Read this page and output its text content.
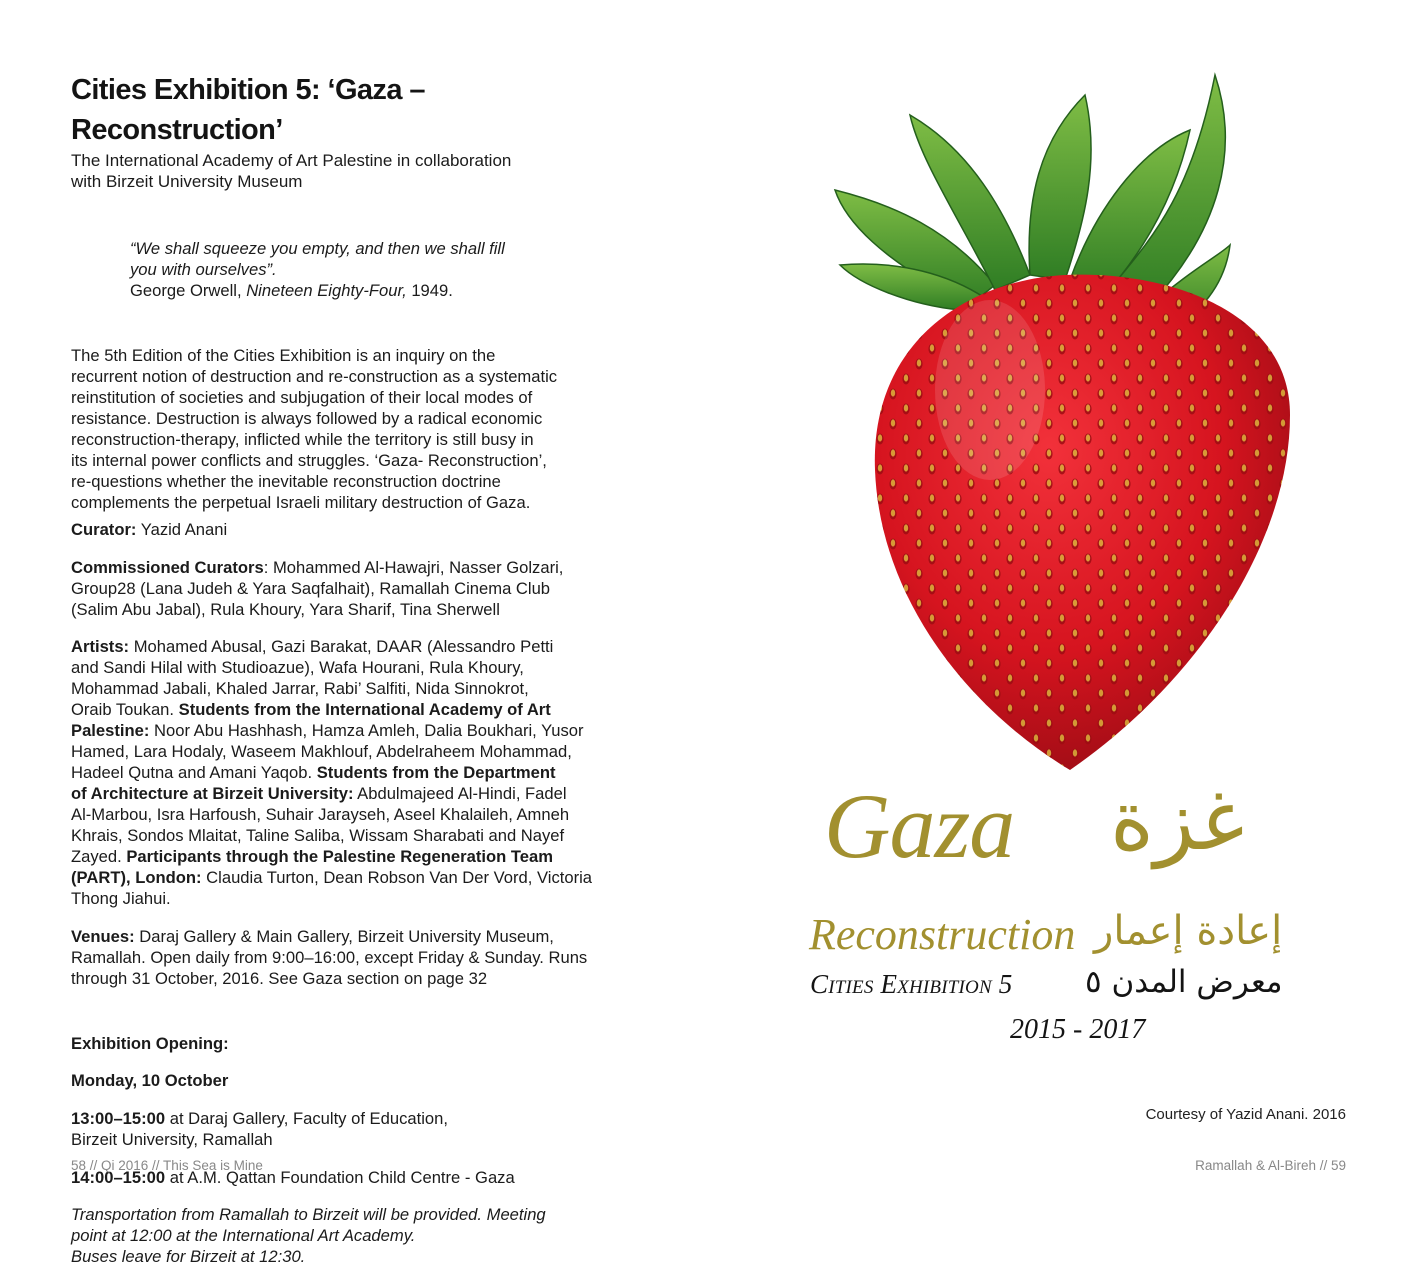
Cities Exhibition 5: ‘Gaza – Reconstruction’

The International Academy of Art Palestine in collaboration
with Birzeit University Museum

“We shall squeeze you empty, and then we shall fill
you with ourselves”.
George Orwell, Nineteen Eighty-Four, 1949.

The 5th Edition of the Cities Exhibition is an inquiry on the
recurrent notion of destruction and re-construction as a systematic
reinstitution of societies and subjugation of their local modes of
resistance. Destruction is always followed by a radical economic
reconstruction-therapy, inflicted while the territory is still busy in
its internal power conflicts and struggles. ‘Gaza- Reconstruction’,
re-questions whether the inevitable reconstruction doctrine
complements the perpetual Israeli military destruction of Gaza.

Curator: Yazid Anani

Commissioned Curators: Mohammed Al-Hawajri, Nasser Golzari,
Group28 (Lana Judeh & Yara Saqfalhait), Ramallah Cinema Club
(Salim Abu Jabal), Rula Khoury, Yara Sharif, Tina Sherwell

Artists: Mohamed Abusal, Gazi Barakat, DAAR (Alessandro Petti
and Sandi Hilal with Studioazue), Wafa Hourani, Rula Khoury,
Mohammad Jabali, Khaled Jarrar, Rabi’ Salfiti, Nida Sinnokrot,
Oraib Toukan. Students from the International Academy of Art
Palestine: Noor Abu Hashhash, Hamza Amleh, Dalia Boukhari, Yusor
Hamed, Lara Hodaly, Waseem Makhlouf, Abdelraheem Mohammad,
Hadeel Qutna and Amani Yaqob. Students from the Department
of Architecture at Birzeit University: Abdulmajeed Al-Hindi, Fadel
Al-Marbou, Isra Harfoush, Suhair Jarayseh, Aseel Khalaileh, Amneh
Khrais, Sondos Mlaitat, Taline Saliba, Wissam Sharabati and Nayef
Zayed. Participants through the Palestine Regeneration Team
(PART), London: Claudia Turton, Dean Robson Van Der Vord, Victoria
Thong Jiahui.

Venues: Daraj Gallery & Main Gallery, Birzeit University Museum,
Ramallah. Open daily from 9:00–16:00, except Friday & Sunday. Runs
through 31 October, 2016. See Gaza section on page 32

Exhibition Opening:

Monday, 10 October

13:00–15:00 at Daraj Gallery, Faculty of Education,
Birzeit University, Ramallah

14:00–15:00 at A.M. Qattan Foundation Child Centre - Gaza

Transportation from Ramallah to Birzeit will be provided. Meeting
point at 12:00 at the International Art Academy.
Buses leave for Birzeit at 12:30.

Gaza غزة
Reconstruction إعادة إعمار
Cities Exhibition 5 معرض المدن ٥
2015 - 2017
Courtesy of Yazid Anani. 2016
58 // Qi 2016 // This Sea is Mine	Ramallah & Al-Bireh // 59
